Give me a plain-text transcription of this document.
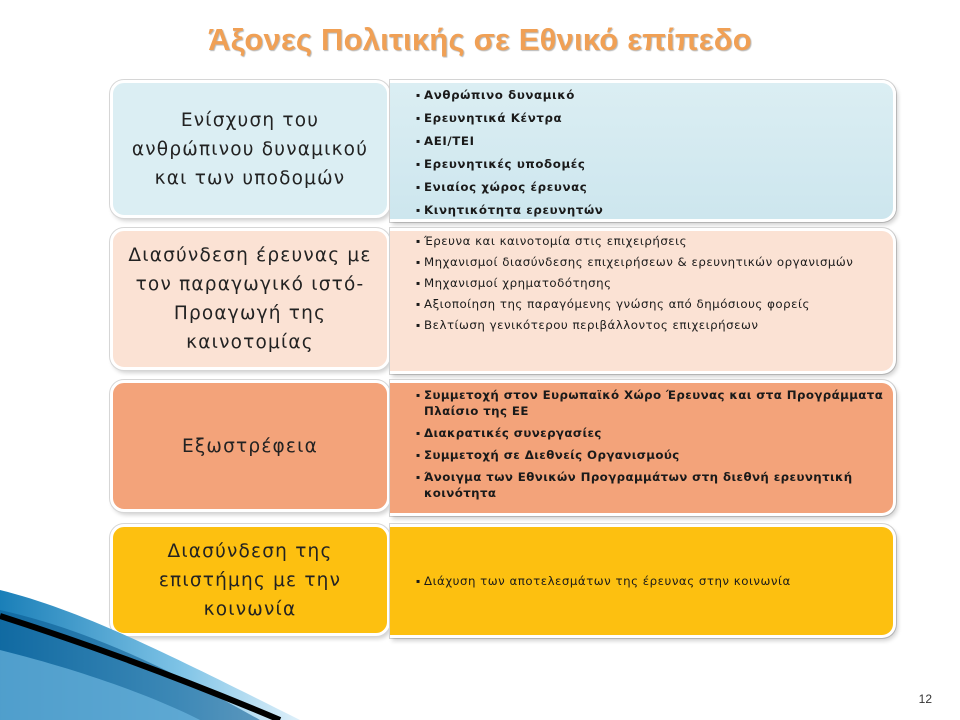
Άξονες Πολιτικής σε Εθνικό επίπεδο
Ενίσχυση του ανθρώπινου δυναμικού και των υποδομών
▪ Ανθρώπινο δυναμικό
▪ Ερευνητικά Κέντρα
▪ ΑΕΙ/ΤΕΙ
▪ Ερευνητικές υποδομές
▪ Ενιαίος χώρος έρευνας
▪ Κινητικότητα ερευνητών
Διασύνδεση έρευνας με τον παραγωγικό ιστό-Προαγωγή της καινοτομίας
▪ Έρευνα και καινοτομία στις επιχειρήσεις
▪ Μηχανισμοί διασύνδεσης επιχειρήσεων & ερευνητικών οργανισμών
▪ Μηχανισμοί χρηματοδότησης
▪ Αξιοποίηση της παραγόμενης γνώσης από δημόσιους φορείς
▪ Βελτίωση γενικότερου περιβάλλοντος επιχειρήσεων
Εξωστρέφεια
▪ Συμμετοχή στον Ευρωπαϊκό Χώρο Έρευνας και στα Προγράμματα Πλαίσιο της ΕΕ
▪ Διακρατικές συνεργασίες
▪ Συμμετοχή σε Διεθνείς Οργανισμούς
▪ Άνοιγμα των Εθνικών Προγραμμάτων στη διεθνή ερευνητική κοινότητα
Διασύνδεση της επιστήμης με την κοινωνία
▪ Διάχυση των αποτελεσμάτων της έρευνας στην κοινωνία
12
